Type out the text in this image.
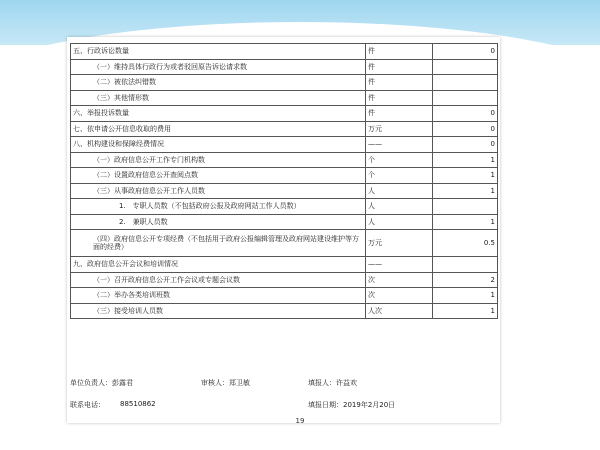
五、行政诉讼数量	件	0
（一）维持具体行政行为或者驳回原告诉讼请求数	件	
（二）被依法纠错数	件	
（三）其他情形数	件	
六、举报投诉数量	件	0
七、依申请公开信息收取的费用	万元	0
八、机构建设和保障经费情况	——	0
（一）政府信息公开工作专门机构数	个	1
（二）设置政府信息公开查阅点数	个	1
（三）从事政府信息公开工作人员数	人	1
1.　专职人员数（不包括政府公报及政府网站工作人员数）	人	
2.　兼职人员数	人	1
（四）政府信息公开专项经费（不包括用于政府公报编辑管理及政府网站建设维护等方面的经费）	万元	0.5
九、政府信息公开会议和培训情况	——	
（一）召开政府信息公开工作会议或专题会议数	次	2
（二）举办各类培训班数	次	1
（三）接受培训人员数	人次	1
单位负责人：彭露君	审核人：郑卫敏	填报人：许益欢
联系电话： 88510862	填报日期：2019年2月20日
19
